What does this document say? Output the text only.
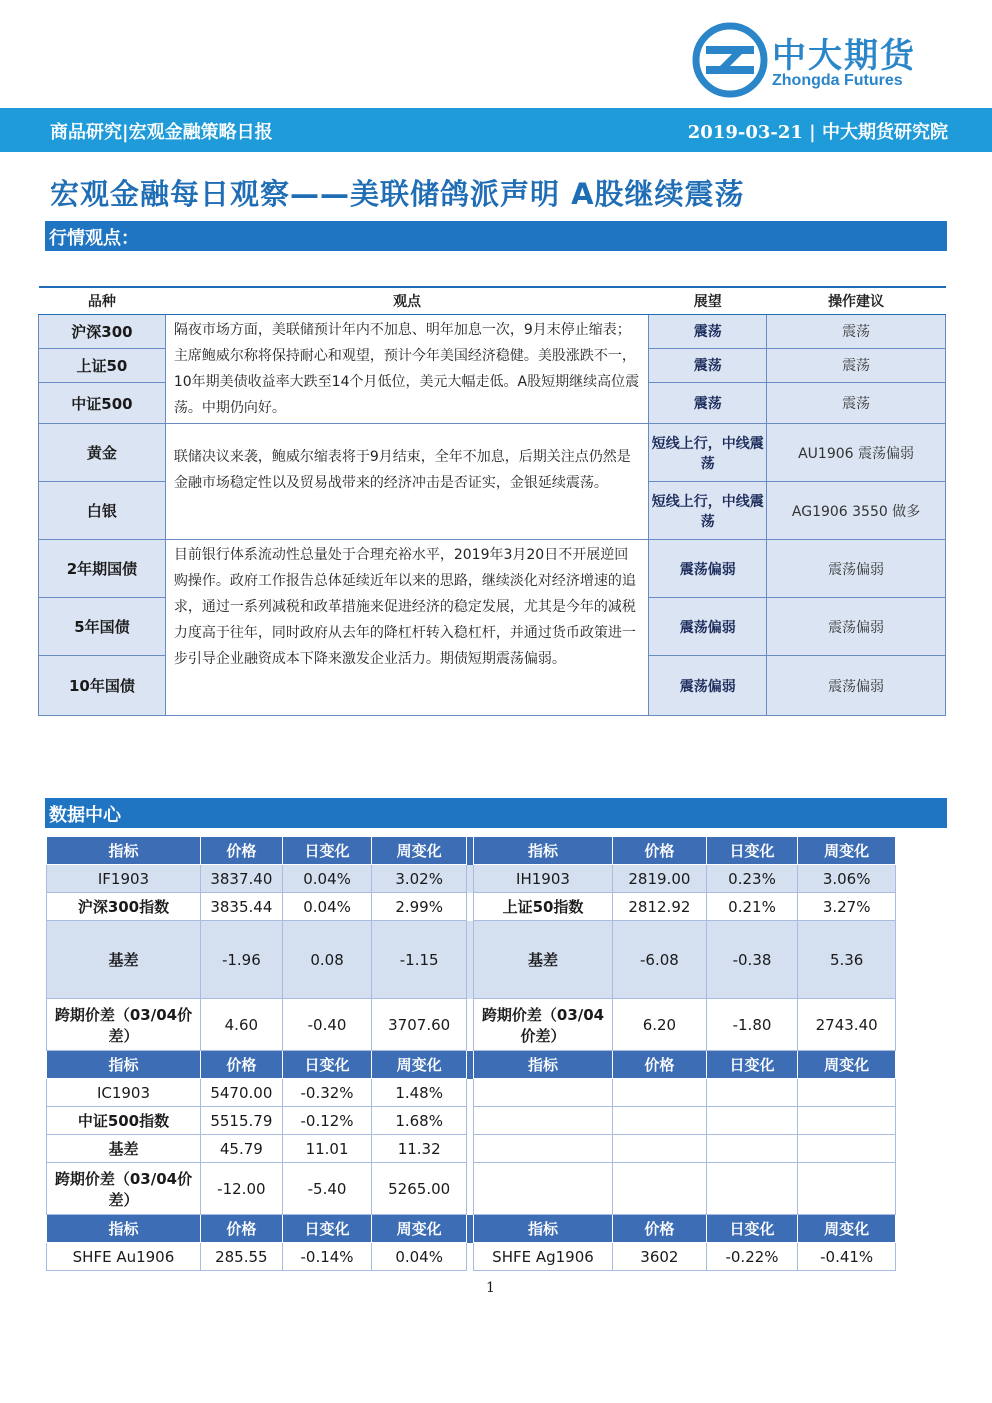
中大期货
Zhongda Futures
商品研究|宏观金融策略日报	2019-03-21 | 中大期货研究院
宏观金融每日观察——美联储鸽派声明 A股继续震荡
行情观点：
品种	观点	展望	操作建议
沪深300	隔夜市场方面，美联储预计年内不加息、明年加息一次，9月末停止缩表；主席鲍威尔称将保持耐心和观望，预计今年美国经济稳健。美股涨跌不一，10年期美债收益率大跌至14个月低位，美元大幅走低。A股短期继续高位震荡。中期仍向好。	震荡	震荡
上证50		震荡	震荡
中证500		震荡	震荡
黄金	联储决议来袭，鲍威尔缩表将于9月结束，全年不加息，后期关注点仍然是金融市场稳定性以及贸易战带来的经济冲击是否证实，金银延续震荡。	短线上行，中线震荡	AU1906 震荡偏弱
白银		短线上行，中线震荡	AG1906 3550 做多
2年期国债	目前银行体系流动性总量处于合理充裕水平，2019年3月20日不开展逆回购操作。政府工作报告总体延续近年以来的思路，继续淡化对经济增速的追求，通过一系列减税和政革措施来促进经济的稳定发展，尤其是今年的减税力度高于往年，同时政府从去年的降杠杆转入稳杠杆，并通过货币政策进一步引导企业融资成本下降来激发企业活力。期债短期震荡偏弱。	震荡偏弱	震荡偏弱
5年国债		震荡偏弱	震荡偏弱
10年国债		震荡偏弱	震荡偏弱
数据中心
指标	价格	日变化	周变化		指标	价格	日变化	周变化
IF1903	3837.40	0.04%	3.02%		IH1903	2819.00	0.23%	3.06%
沪深300指数	3835.44	0.04%	2.99%		上证50指数	2812.92	0.21%	3.27%
基差	-1.96	0.08	-1.15		基差	-6.08	-0.38	5.36
跨期价差（03/04价差）	4.60	-0.40	3707.60		跨期价差（03/04价差）	6.20	-1.80	2743.40
指标	价格	日变化	周变化		指标	价格	日变化	周变化
IC1903	5470.00	-0.32%	1.48%					
中证500指数	5515.79	-0.12%	1.68%					
基差	45.79	11.01	11.32					
跨期价差（03/04价差）	-12.00	-5.40	5265.00					
指标	价格	日变化	周变化		指标	价格	日变化	周变化
SHFE Au1906	285.55	-0.14%	0.04%		SHFE Ag1906	3602	-0.22%	-0.41%
1
